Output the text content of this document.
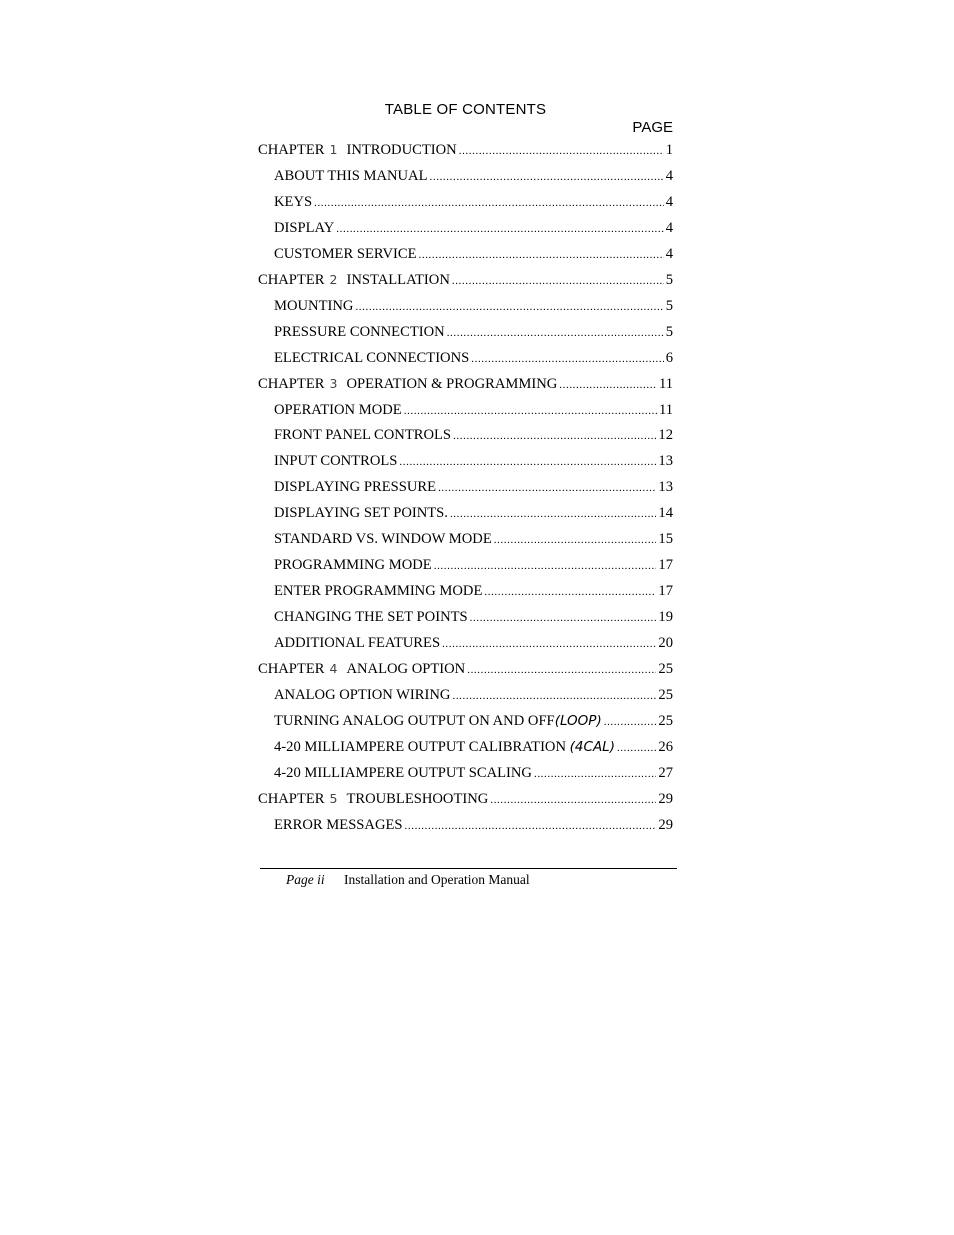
TABLE OF CONTENTS
PAGE
CHAPTER 1 INTRODUCTION .....	1
ABOUT THIS MANUAL .....	4
KEYS .....	4
DISPLAY .....	4
CUSTOMER SERVICE .....	4
CHAPTER 2 INSTALLATION .....	5
MOUNTING .....	5
PRESSURE CONNECTION .....	5
ELECTRICAL CONNECTIONS .....	6
CHAPTER 3 OPERATION & PROGRAMMING .....	11
OPERATION MODE .....	11
FRONT PANEL CONTROLS .....	12
INPUT CONTROLS .....	13
DISPLAYING PRESSURE .....	13
DISPLAYING SET POINTS. .....	14
STANDARD VS. WINDOW MODE .....	15
PROGRAMMING MODE .....	17
ENTER PROGRAMMING MODE .....	17
CHANGING THE SET POINTS .....	19
ADDITIONAL FEATURES .....	20
CHAPTER 4 ANALOG OPTION .....	25
ANALOG OPTION WIRING .....	25
TURNING ANALOG OUTPUT ON AND OFF(LOOP) .....	25
4-20 MILLIAMPERE OUTPUT CALIBRATION (4CAL) .....	26
4-20 MILLIAMPERE OUTPUT SCALING .....	27
CHAPTER 5 TROUBLESHOOTING .....	29
ERROR MESSAGES .....	29
Page ii Installation and Operation Manual
